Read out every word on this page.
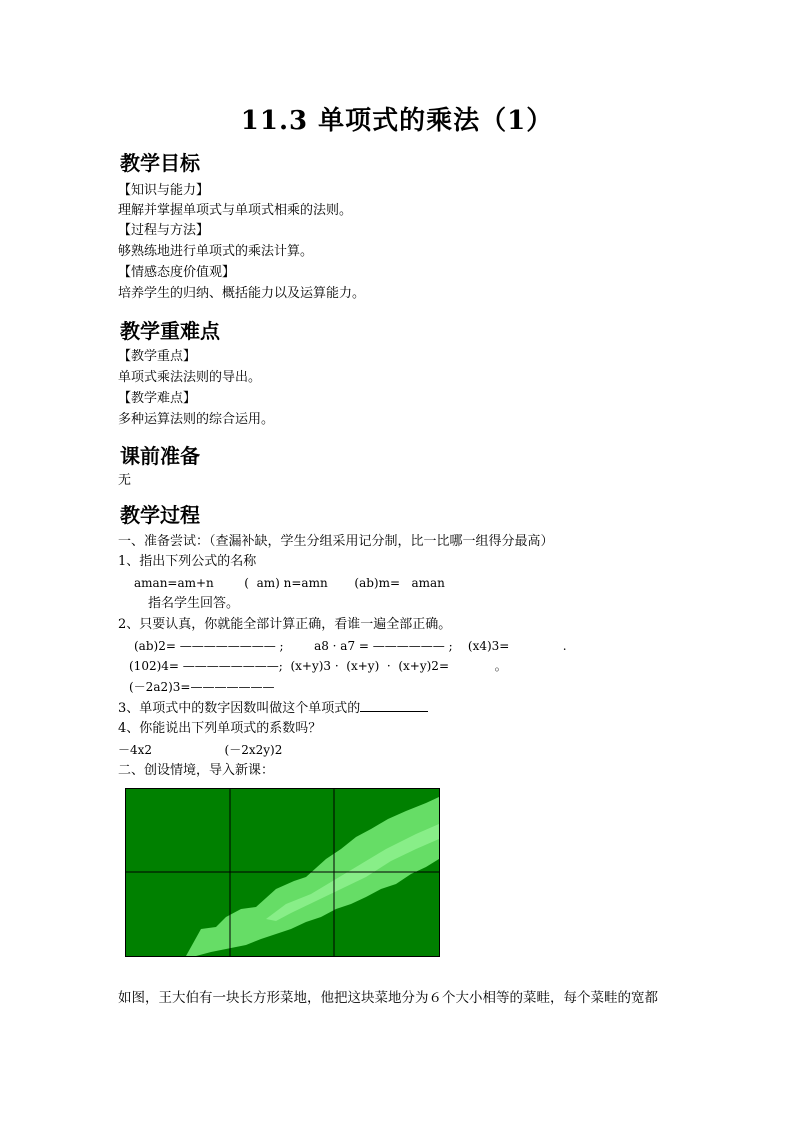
11.3 单项式的乘法（1）
教学目标
【知识与能力】
理解并掌握单项式与单项式相乘的法则。
【过程与方法】
够熟练地进行单项式的乘法计算。
【情感态度价值观】
培养学生的归纳、概括能力以及运算能力。
教学重难点
【教学重点】
单项式乘法法则的导出。
【教学难点】
多种运算法则的综合运用。
课前准备
无
教学过程
一、准备尝试：（查漏补缺，学生分组采用记分制，比一比哪一组得分最高）
1、指出下列公式的名称
aman=am+n        (  am) n=amn       (ab)m=   aman
指名学生回答。
2、只要认真，你就能全部计算正确，看谁一遍全部正确。
(ab)2= ———————— ;        a8 · a7 = —————— ;    (x4)3=              .
(102)4= ————————;  (x+y)3 ·  (x+y)  ·  (x+y)2=            。
(－2a2)3=———————
3、单项式中的数字因数叫做这个单项式的
4、你能说出下列单项式的系数吗？
－4x2                   (－2x2y)2
二、创设情境，导入新课：
如图，王大伯有一块长方形菜地，他把这块菜地分为６个大小相等的菜畦，每个菜畦的宽都
